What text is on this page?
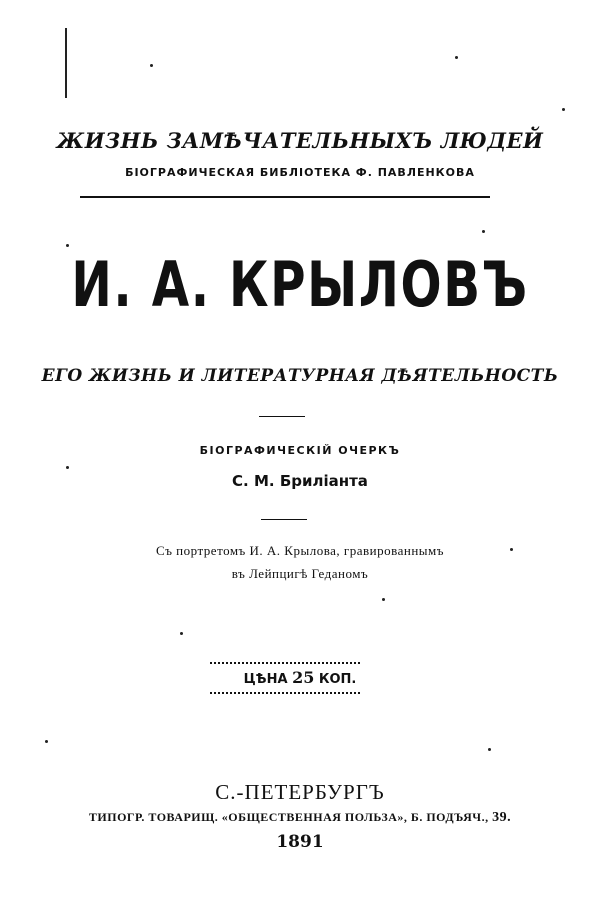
ЖИЗНЬ ЗАМѢЧАТЕЛЬНЫХЪ ЛЮДЕЙ
БІОГРАФИЧЕСКАЯ БИБЛІОТЕКА Ф. ПАВЛЕНКОВА
И. А. КРЫЛОВЪ
ЕГО ЖИЗНЬ И ЛИТЕРАТУРНАЯ ДѢЯТЕЛЬНОСТЬ
БІОГРАФИЧЕСКІЙ ОЧЕРКЪ
С. М. Бриліанта
Съ портретомъ И. А. Крылова, гравированнымъ
въ Лейпцигѣ Геданомъ
ЦѢНА 25 КОП.
С.-ПЕТЕРБУРГЪ
ТИПОГР. ТОВАРИЩ. «ОБЩЕСТВЕННАЯ ПОЛЬЗА», Б. ПОДЪЯЧ., 39.
1891
